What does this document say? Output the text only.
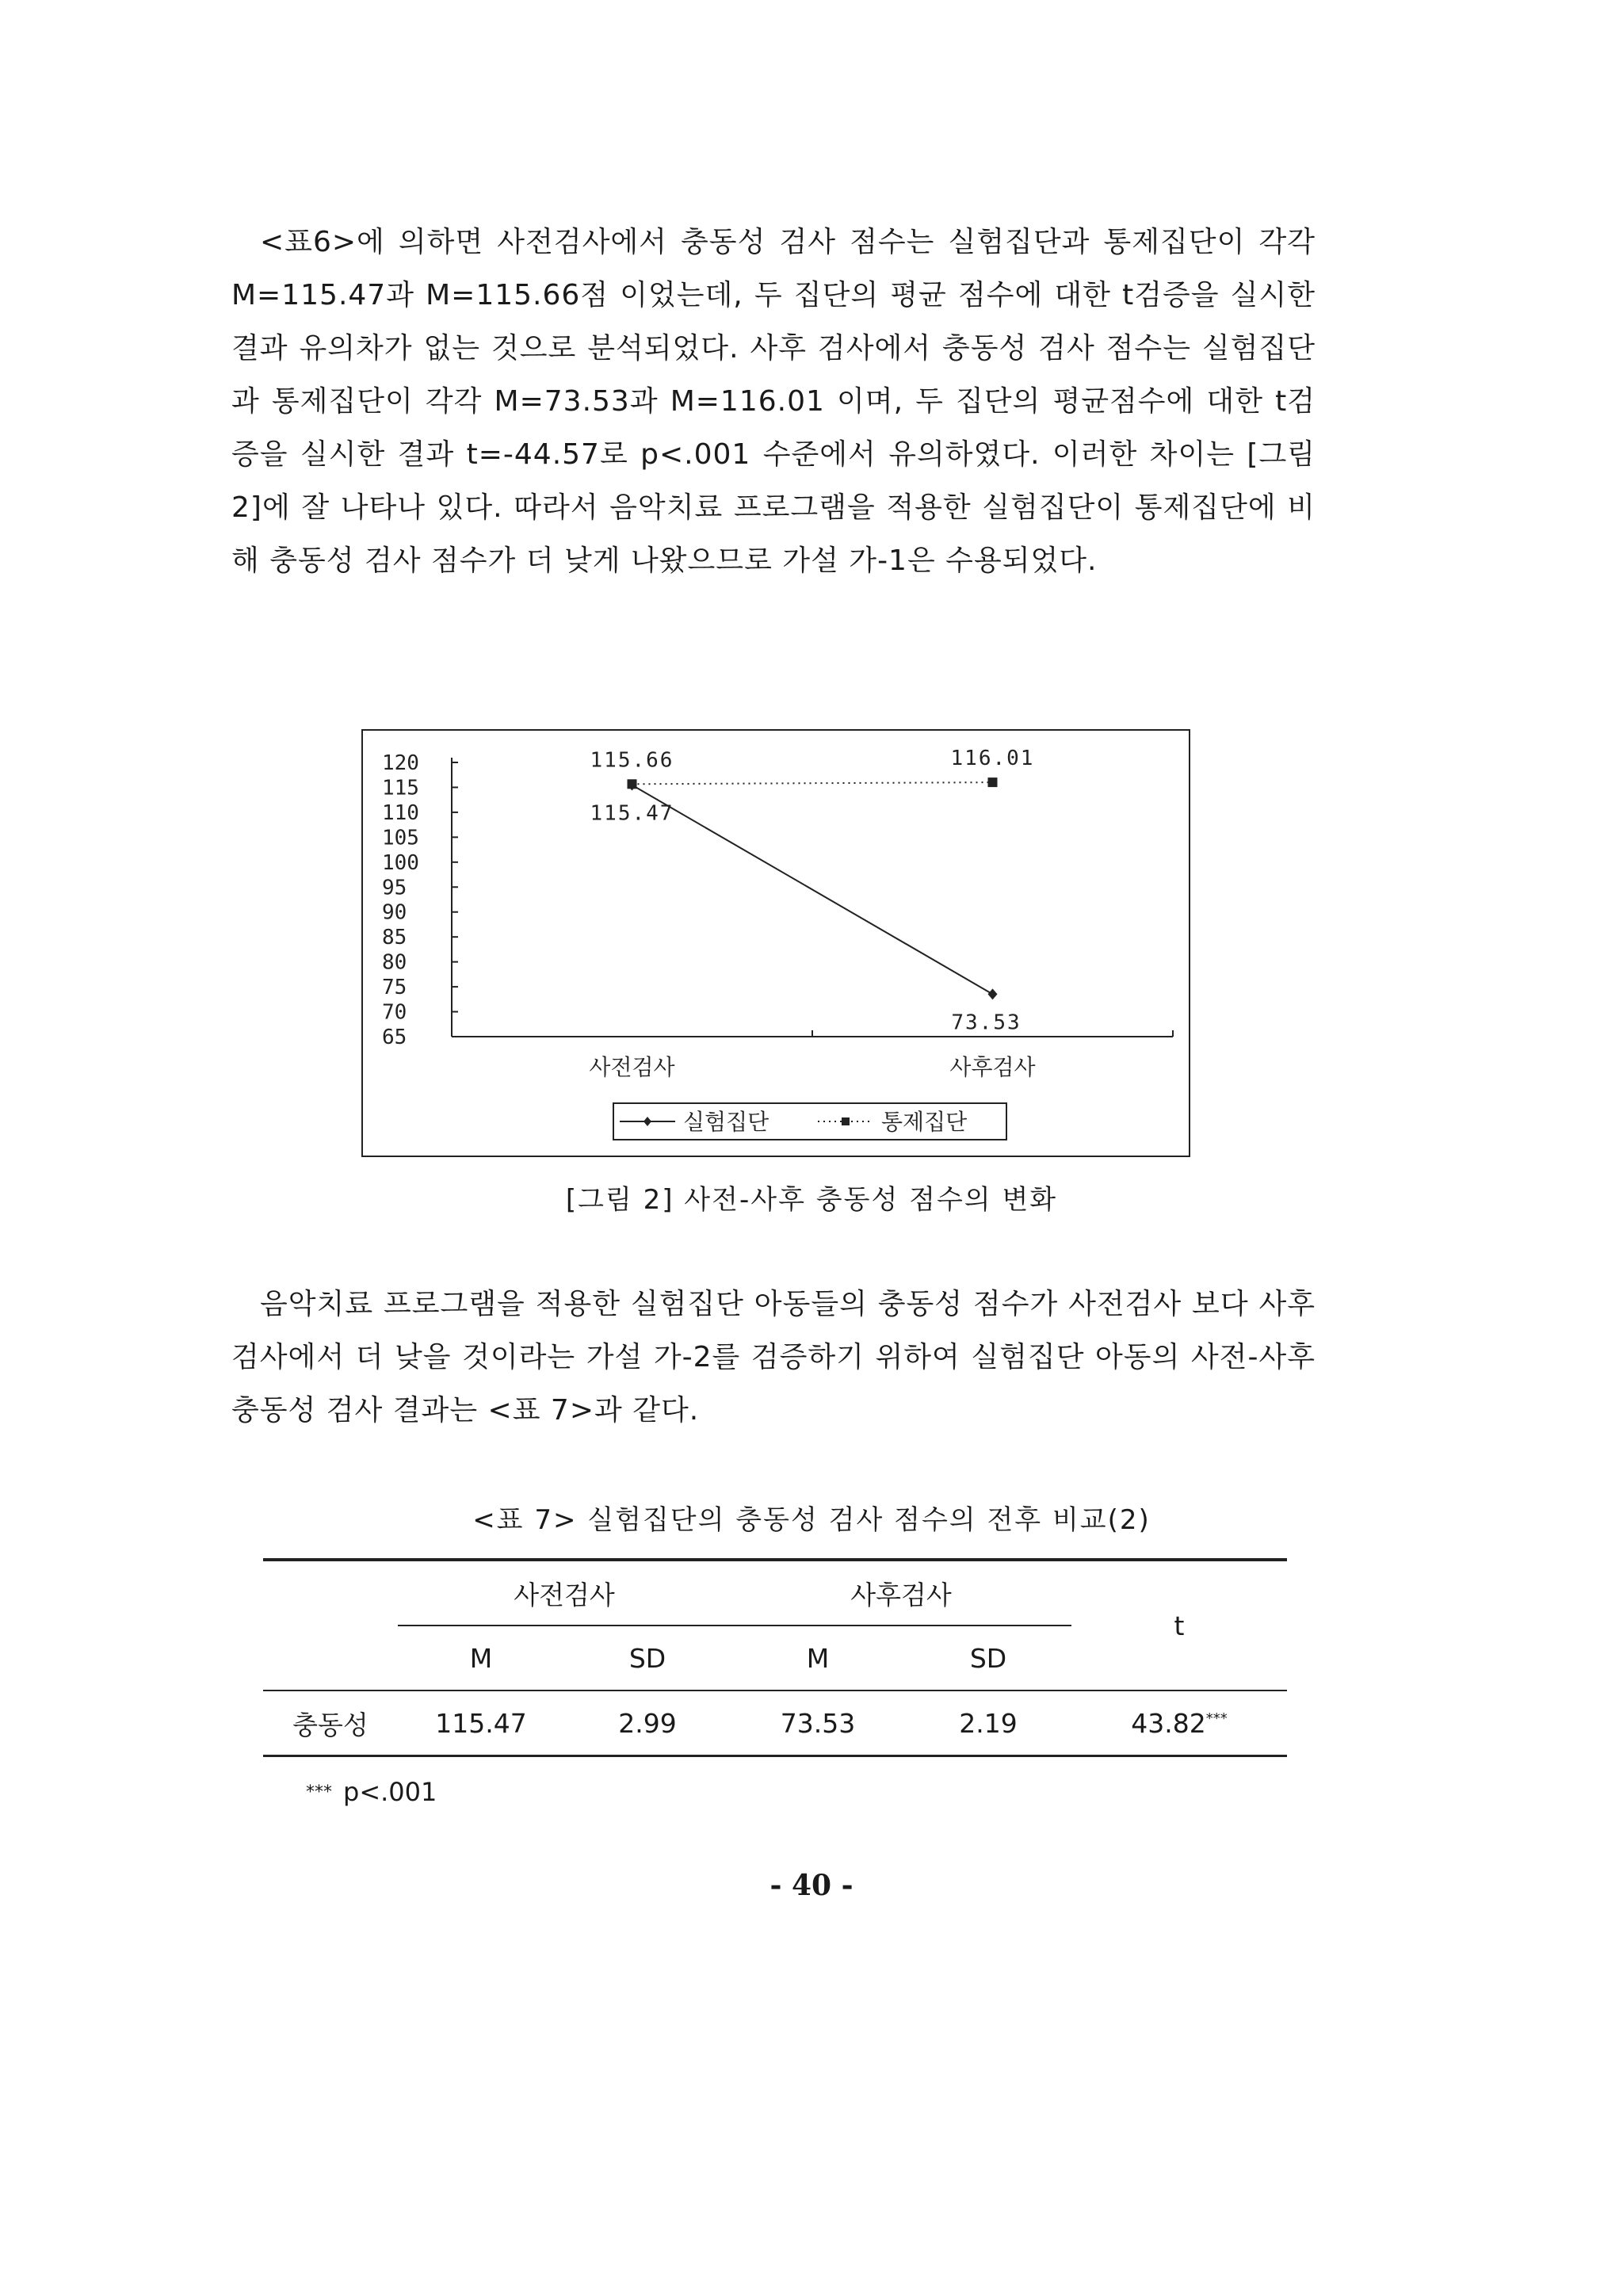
<표6>에 의하면 사전검사에서 충동성 검사 점수는 실험집단과 통제집단이 각각 M=115.47과 M=115.66점 이었는데, 두 집단의 평균 점수에 대한 t검증을 실시한 결과 유의차가 없는 것으로 분석되었다. 사후 검사에서 충동성 검사 점수는 실험집단과 통제집단이 각각 M=73.53과 M=116.01 이며, 두 집단의 평균점수에 대한 t검증을 실시한 결과 t=-44.57로 p<.001 수준에서 유의하였다. 이러한 차이는 [그림 2]에 잘 나타나 있다. 따라서 음악치료 프로그램을 적용한 실험집단이 통제집단에 비해 충동성 검사 점수가 더 낮게 나왔으므로 가설 가-1은 수용되었다.

120
115
110
105
100
95
90
85
80
75
70
65
사전검사	사후검사
115.47
73.53
115.66	116.01
실험집단	통제집단

[그림 2] 사전-사후 충동성 점수의 변화

음악치료 프로그램을 적용한 실험집단 아동들의 충동성 점수가 사전검사 보다 사후검사에서 더 낮을 것이라는 가설 가-2를 검증하기 위하여 실험집단 아동의 사전-사후 충동성 검사 결과는 <표 7>과 같다.

<표 7> 실험집단의 충동성 검사 점수의 전후 비교(2)

	사전검사		사후검사		t
	M	SD	M	SD	
충동성	115.47	2.99	73.53	2.19	43.82***

*** p<.001

- 40 -
